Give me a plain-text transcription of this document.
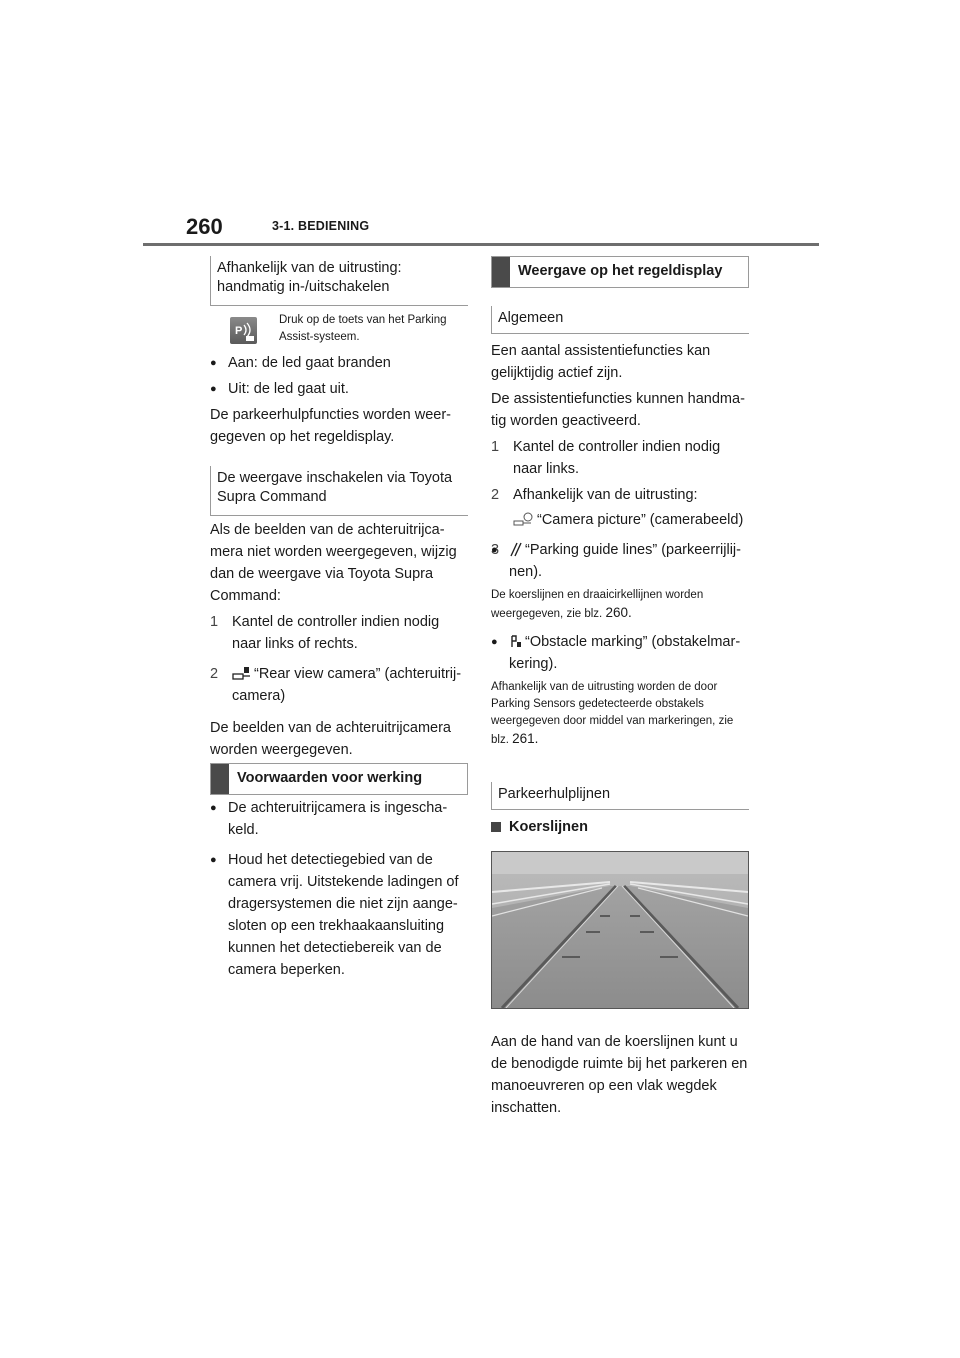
260	3-1. BEDIENING
Afhankelijk van de uitrusting: handmatig in-/uitschakelen
P
Druk op de toets van het Parking Assist-systeem.

● Aan: de led gaat branden

● Uit: de led gaat uit.

De parkeerhulpfuncties worden weer-gegeven op het regeldisplay.

De weergave inschakelen via Toyota Supra Command

Als de beelden van de achteruitrijca-mera niet worden weergegeven, wijzig dan de weergave via Toyota Supra Command:

1 Kantel de controller indien nodig naar links of rechts.

2 “Rear view camera” (achteruitrij-camera)

De beelden van de achteruitrijcamera worden weergegeven.

Voorwaarden voor werking

● De achteruitrijcamera is ingescha-keld.

● Houd het detectiegebied van de camera vrij. Uitstekende ladingen of dragersystemen die niet zijn aange-sloten op een trekhaakaansluiting kunnen het detectiebereik van de camera beperken.

Weergave op het regeldisplay
Algemeen

Een aantal assistentiefuncties kan gelijktijdig actief zijn.

De assistentiefuncties kunnen handma-tig worden geactiveerd.

1 Kantel de controller indien nodig naar links.

2 Afhankelijk van de uitrusting:

“Camera picture” (camerabeeld)

3

●	“Parking guide lines” (parkeerrijlij-nen).

De koerslijnen en draaicirkellijnen worden weergegeven, zie blz. 260.

● “Obstacle marking” (obstakelmar-kering).

Afhankelijk van de uitrusting worden de door Parking Sensors gedetecteerde obstakels weergegeven door middel van markeringen, zie blz. 261.

Parkeerhulplijnen

Koerslijnen

Aan de hand van de koerslijnen kunt u de benodigde ruimte bij het parkeren en manoeuvreren op een vlak wegdek inschatten.
